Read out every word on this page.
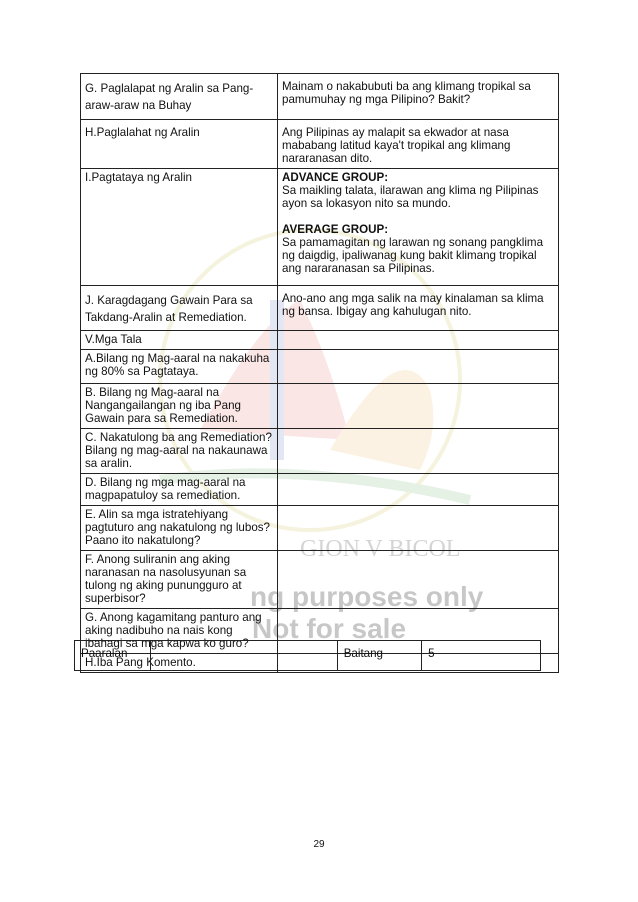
GION V BICOL
ng purposes only
Not for sale
G. Paglalapat ng Aralin sa Pang-araw-araw na Buhay	Mainam o nakabubuti ba ang klimang tropikal sa pamumuhay ng mga Pilipino? Bakit?
H.Paglalahat ng Aralin	Ang Pilipinas ay malapit sa ekwador at nasa mababang latitud kaya't tropikal ang klimang nararanasan dito.
I.Pagtataya ng Aralin	ADVANCE GROUP:
Sa maikling talata, ilarawan ang klima ng Pilipinas ayon sa lokasyon nito sa mundo.
AVERAGE GROUP:
Sa pamamagitan ng larawan ng sonang pangklima ng daigdig, ipaliwanag kung bakit klimang tropikal ang nararanasan sa Pilipinas.
J. Karagdagang Gawain Para sa Takdang-Aralin at Remediation.	Ano-ano ang mga salik na may kinalaman sa klima ng bansa. Ibigay ang kahulugan nito.
V.Mga Tala	
A.Bilang ng Mag-aaral na nakakuha ng 80% sa Pagtataya.	
B. Bilang ng Mag-aaral na Nangangailangan ng iba Pang Gawain para sa Remediation.	
C. Nakatulong ba ang Remediation? Bilang ng mag-aaral na nakaunawa sa aralin.	
D. Bilang ng mga mag-aaral na magpapatuloy sa remediation.	
E. Alin sa mga istratehiyang pagtuturo ang nakatulong ng lubos? Paano ito nakatulong?	
F. Anong suliranin ang aking naranasan na nasolusyunan sa tulong ng aking punungguro at superbisor?	
G. Anong kagamitang panturo ang aking nadibuho na nais kong ibahagi sa mga kapwa ko guro?	
H.Iba Pang Komento.	
Paaralan		Baitang	5
29
